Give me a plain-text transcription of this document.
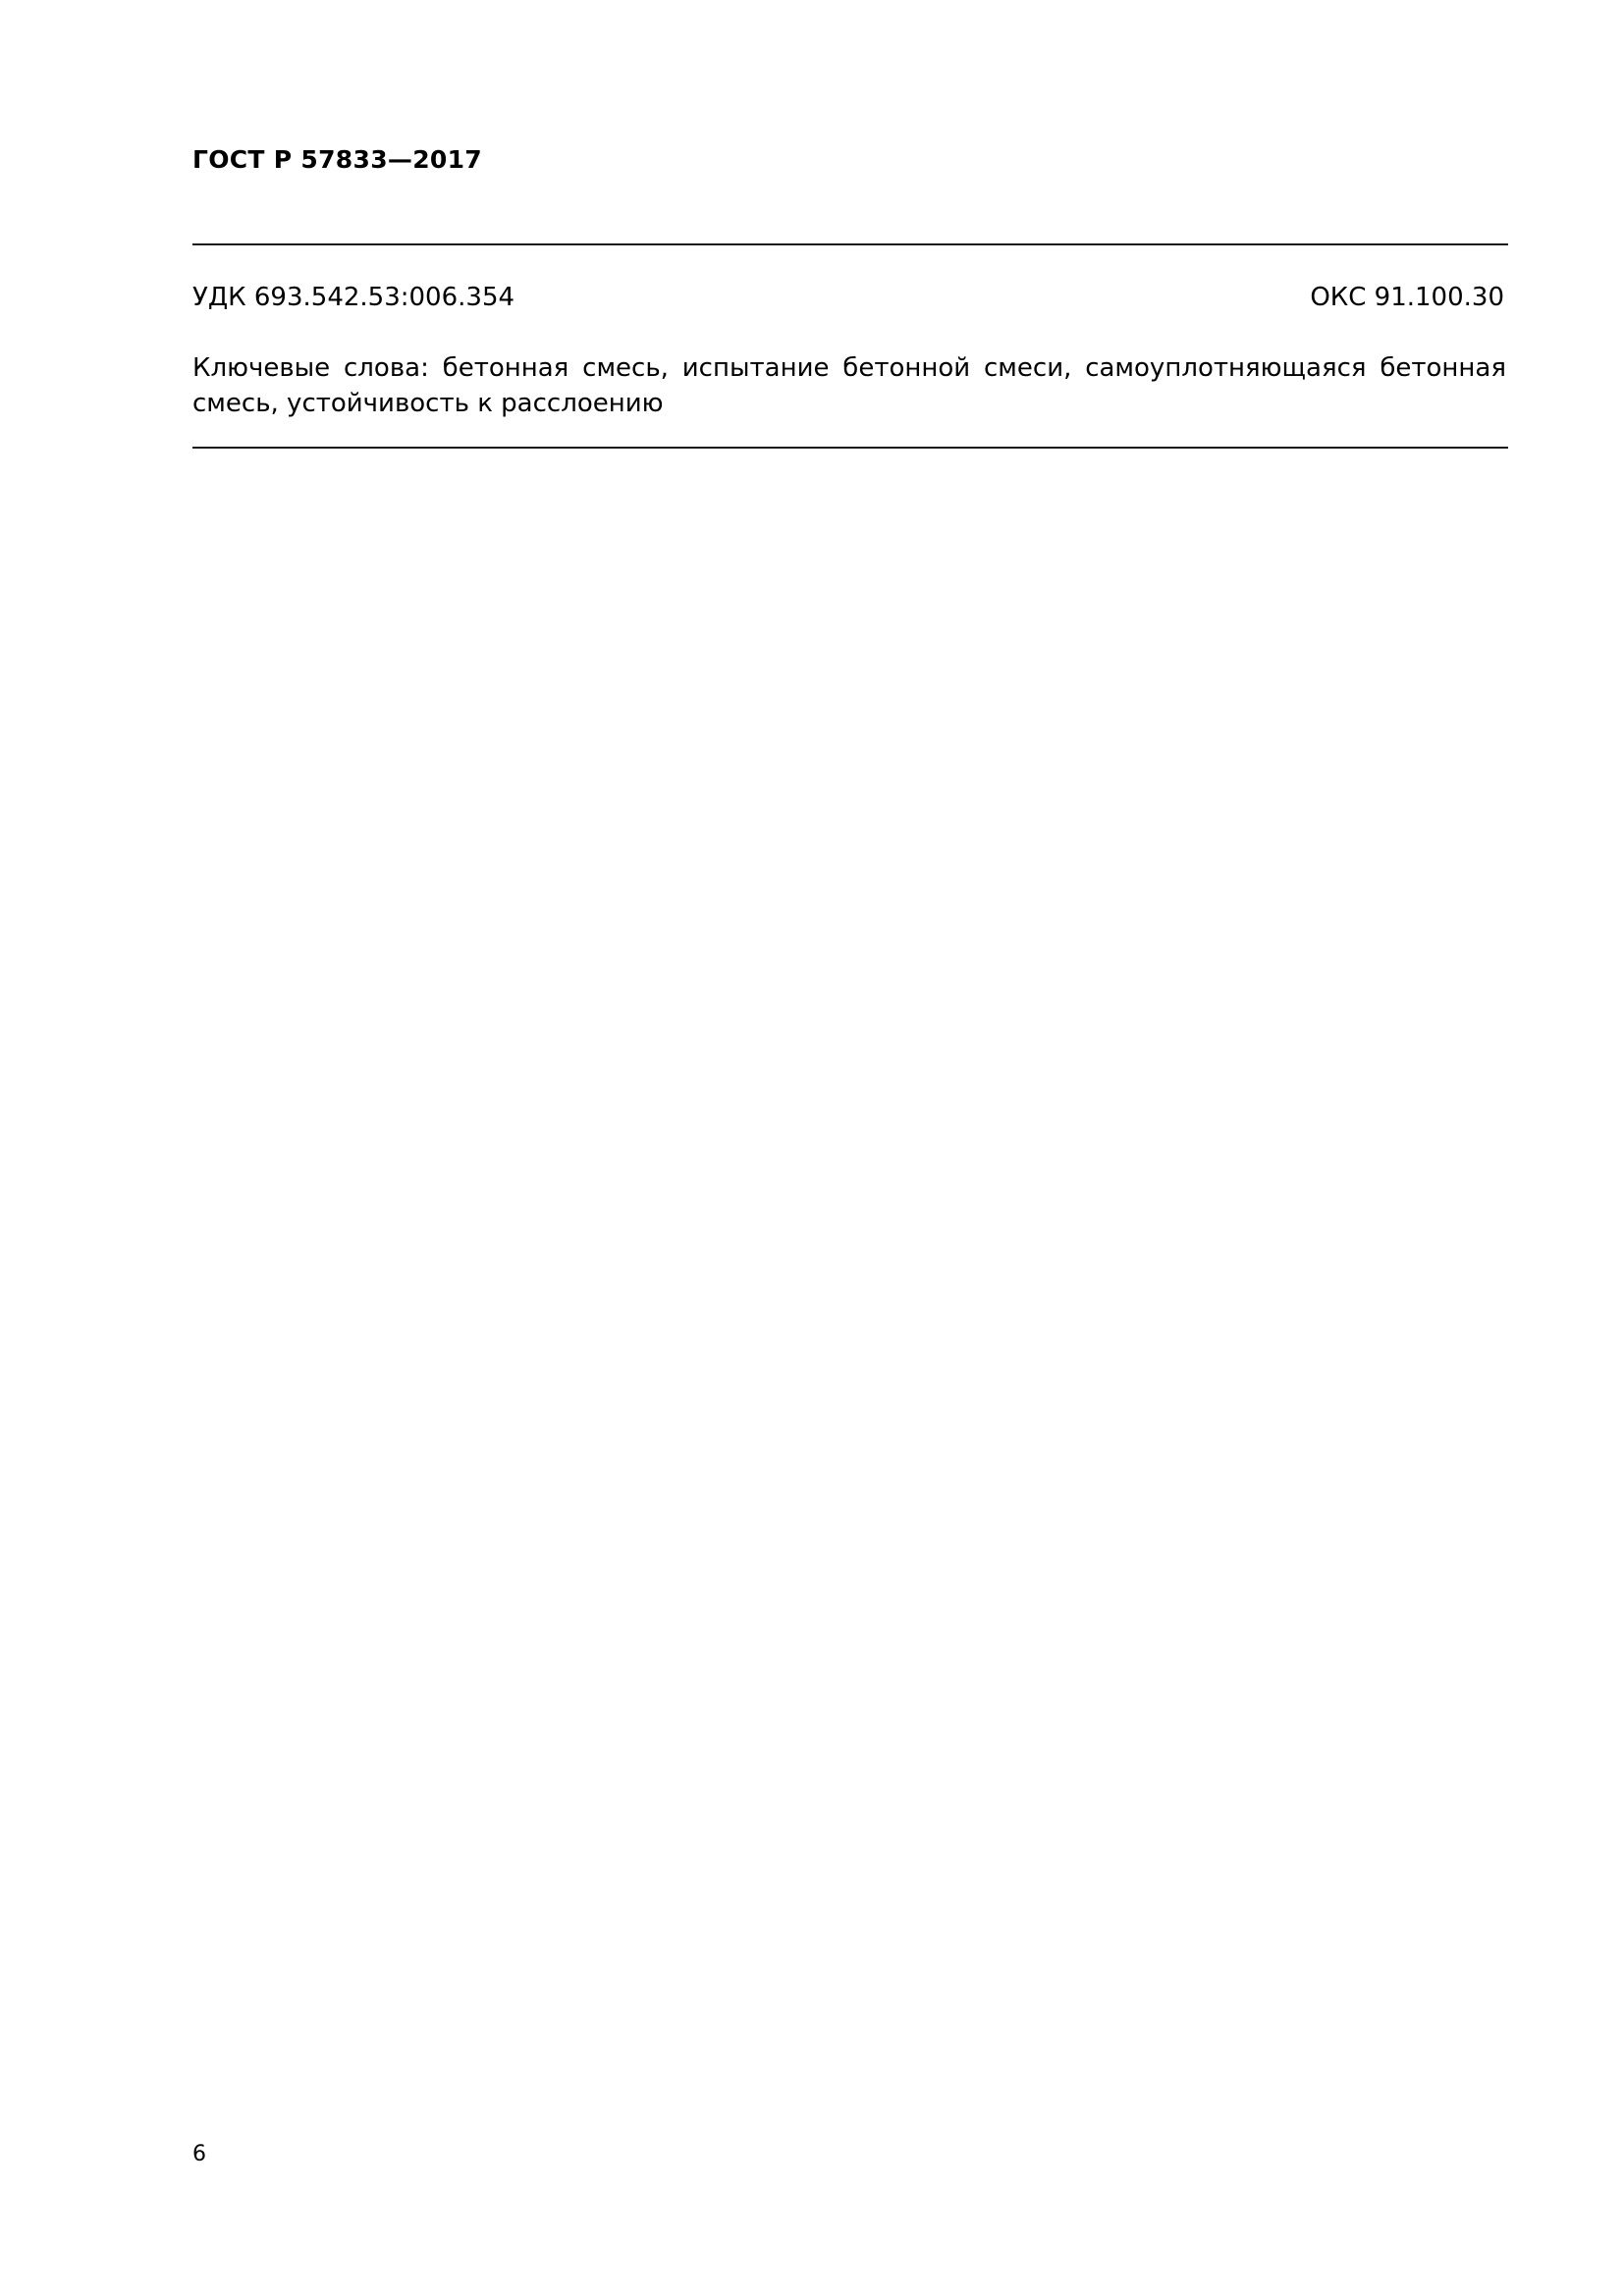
ГОСТ Р 57833—2017
УДК 693.542.53:006.354	ОКС 91.100.30
Ключевые слова: бетонная смесь, испытание бетонной смеси, самоуплотняющаяся бетонная смесь, устойчивость к расслоению
6
